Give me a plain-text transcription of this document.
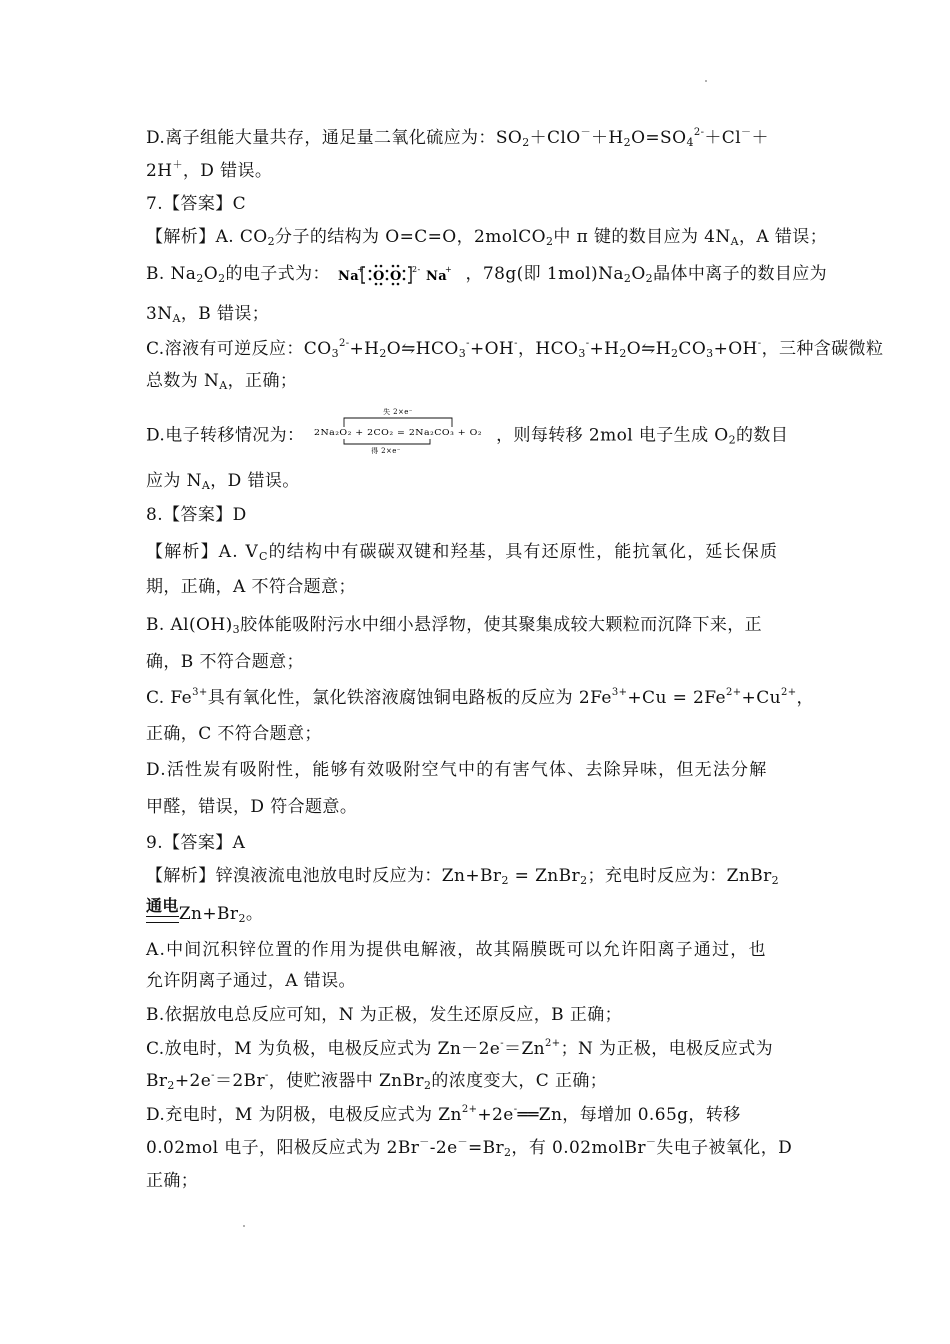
D.离子组能大量共存，通足量二氧化硫应为：$SO_2+ClO^-+H_2O=SO_4^{2-}+Cl^-+$
2H＋，D 错误。
7.【答案】C
【解析】A. $CO_2$分子的结构为 O=C=O，2molCO$_2$中 π 键的数目应为 $4N_A$，A 错误；
B. $Na_2O_2$的电子式为： Na
+ O O 2- Na
+ ，78g(即 $1mol)Na_2O_2$晶体中离子的数目应为
$3N_A$，B 错误；
C.溶液有可逆反应：$CO_3^{2-}+H_2O⇋HCO_3^-+OH^-$，$HCO_3^-+H_2O⇋H_2CO_3+OH^-$，三种含碳微粒
总数为 $N_A$，正确；
D.电子转移情况为：
失 2×e⁻
2Na₂O₂ + 2CO₂ = 2Na₂CO₃ + O₂
得 2×e⁻
，则每转移 2mol 电子生成 $O_2$的数目
应为 $N_A$，D 错误。
8.【答案】D
【解析】A. $V_C$的结构中有碳碳双键和羟基，具有还原性，能抗氧化，延长保质
期，正确，A 不符合题意；
B. $Al(OH)_3$胶体能吸附污水中细小悬浮物，使其聚集成较大颗粒而沉降下来，正
确，B 不符合题意；
C. $Fe^{3+}$具有氧化性，氯化铁溶液腐蚀铜电路板的反应为 $2Fe^{3+}+Cu = 2Fe^{2+}+Cu^{2+}$，
正确，C 不符合题意；
D.活性炭有吸附性，能够有效吸附空气中的有害气体、去除异味，但无法分解
甲醛，错误，D 符合题意。
9.【答案】A
【解析】锌溴液流电池放电时反应为：$Zn+Br_2$ = ZnBr$_2$；充电时反应为：ZnBr$_2$
通电
$Zn+Br_2$。
A.中间沉积锌位置的作用为提供电解液，故其隔膜既可以允许阳离子通过，也
允许阴离子通过，A 错误。
B.依据放电总反应可知，N 为正极，发生还原反应，B 正确；
C.放电时，M 为负极，电极反应式为 $Zn-2e^-=Zn^{2+}$；N 为正极，电极反应式为
$Br_2+2e^-=2Br^-$，使贮液器中 ZnBr$_2$的浓度变大，C 正确；
D.充电时，M 为阴极，电极反应式为 $Zn^{2+}+2e^-══Zn$，每增加 0.65g，转移
0.02mol 电子，阳极反应式为 $2Br^--2e^-=Br_2$，有 0.02molBr－失电子被氧化，D
正确；
